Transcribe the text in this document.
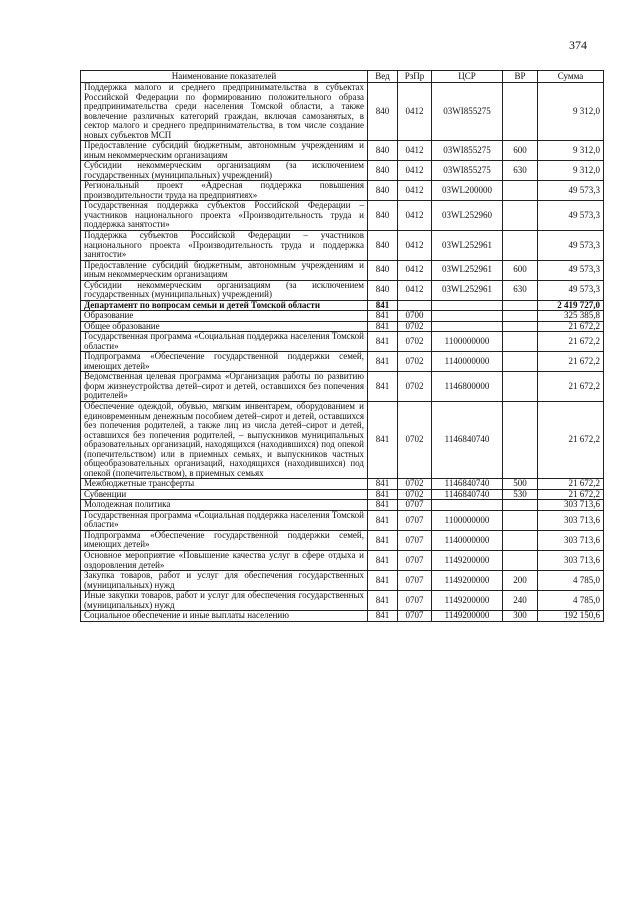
374
Наименование показателей	Вед	РзПр	ЦСР	ВР	Сумма
Поддержка малого и среднего предпринимательства в субъектах Российской Федерации по формированию положительного образа предпринимательства среди населения Томской области, а также вовлечение различных категорий граждан, включая самозанятых, в сектор малого и среднего предпринимательства, в том числе создание новых субъектов МСП	840	0412	03WI855275		9 312,0
Предоставление субсидий бюджетным, автономным учреждениям и иным некоммерческим организациям	840	0412	03WI855275	600	9 312,0
Субсидии некоммерческим организациям (за исключением государственных (муниципальных) учреждений)	840	0412	03WI855275	630	9 312,0
Региональный проект «Адресная поддержка повышения производительности труда на предприятиях»	840	0412	03WL200000		49 573,3
Государственная поддержка субъектов Российской Федерации – участников национального проекта «Производительность труда и поддержка занятости»	840	0412	03WL252960		49 573,3
Поддержка субъектов Российской Федерации – участников национального проекта «Производительность труда и поддержка занятости»	840	0412	03WL252961		49 573,3
Предоставление субсидий бюджетным, автономным учреждениям и иным некоммерческим организациям	840	0412	03WL252961	600	49 573,3
Субсидии некоммерческим организациям (за исключением государственных (муниципальных) учреждений)	840	0412	03WL252961	630	49 573,3
Департамент по вопросам семьи и детей Томской области	841				2 419 727,0
Образование	841	0700			325 385,8
Общее образование	841	0702			21 672,2
Государственная программа «Социальная поддержка населения Томской области»	841	0702	1100000000		21 672,2
Подпрограмма «Обеспечение государственной поддержки семей, имеющих детей»	841	0702	1140000000		21 672,2
Ведомственная целевая программа «Организация работы по развитию форм жизнеустройства детей–сирот и детей, оставшихся без попечения родителей»	841	0702	1146800000		21 672,2
Обеспечение одеждой, обувью, мягким инвентарем, оборудованием и единовременным денежным пособием детей–сирот и детей, оставшихся без попечения родителей, а также лиц из числа детей–сирот и детей, оставшихся без попечения родителей, – выпускников муниципальных образовательных организаций, находящихся (находившихся) под опекой (попечительством) или в приемных семьях, и выпускников частных общеобразовательных организаций, находящихся (находившихся) под опекой (попечительством), в приемных семьях	841	0702	1146840740		21 672,2
Межбюджетные трансферты	841	0702	1146840740	500	21 672,2
Субвенции	841	0702	1146840740	530	21 672,2
Молодежная политика	841	0707			303 713,6
Государственная программа «Социальная поддержка населения Томской области»	841	0707	1100000000		303 713,6
Подпрограмма «Обеспечение государственной поддержки семей, имеющих детей»	841	0707	1140000000		303 713,6
Основное мероприятие «Повышение качества услуг в сфере отдыха и оздоровления детей»	841	0707	1149200000		303 713,6
Закупка товаров, работ и услуг для обеспечения государственных (муниципальных) нужд	841	0707	1149200000	200	4 785,0
Иные закупки товаров, работ и услуг для обеспечения государственных (муниципальных) нужд	841	0707	1149200000	240	4 785,0
Социальное обеспечение и иные выплаты населению	841	0707	1149200000	300	192 150,6
